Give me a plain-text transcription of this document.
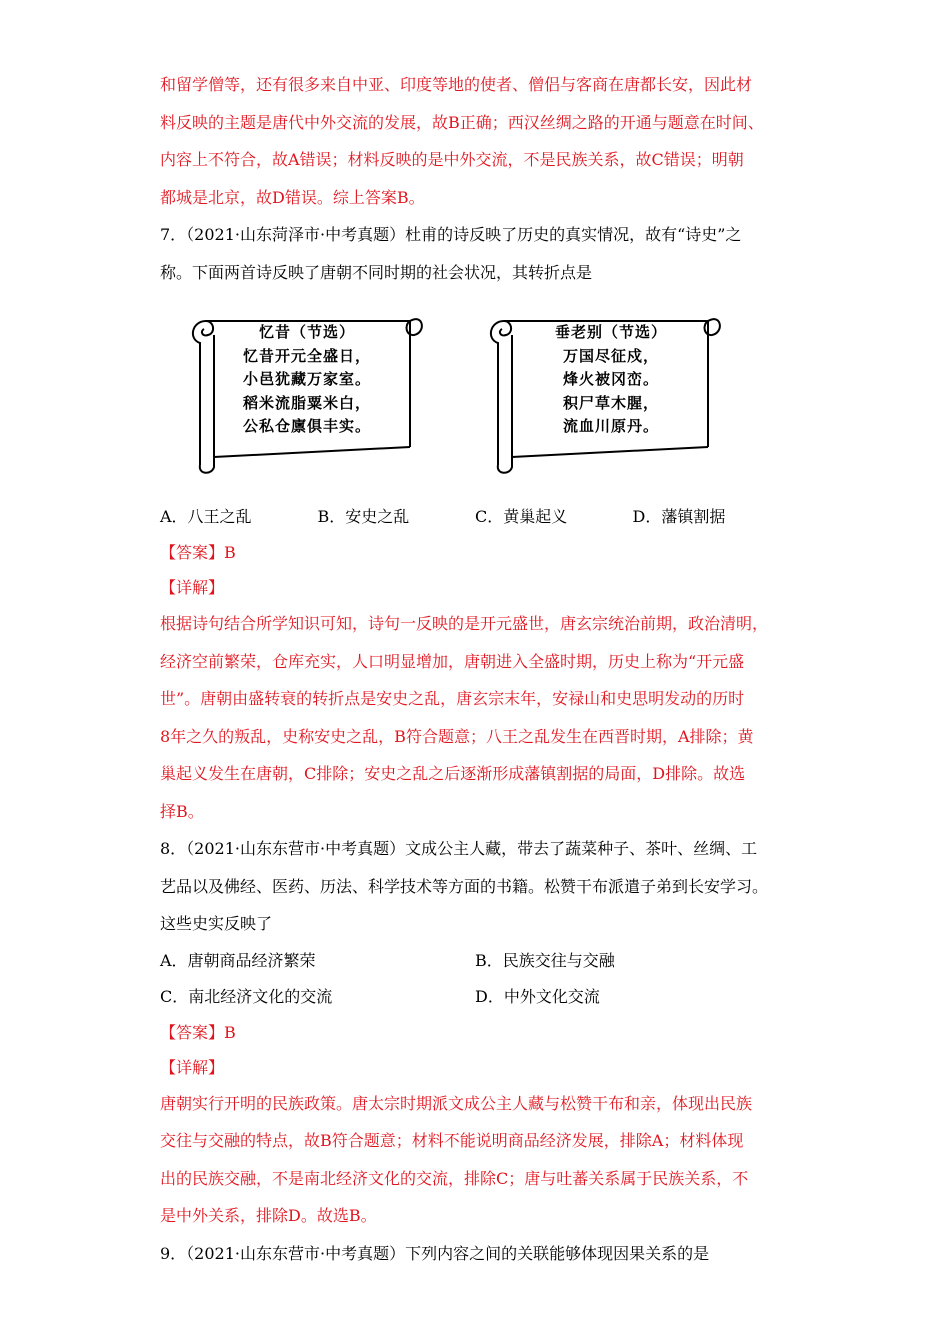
和留学僧等，还有很多来自中亚、印度等地的使者、僧侣与客商在唐都长安，因此材

料反映的主题是唐代中外交流的发展，故B正确；西汉丝绸之路的开通与题意在时间、

内容上不符合，故A错误；材料反映的是中外交流，不是民族关系，故C错误；明朝

都城是北京，故D错误。综上答案B。

7．（2021·山东菏泽市·中考真题）杜甫的诗反映了历史的真实情况，故有“诗史”之

称。下面两首诗反映了唐朝不同时期的社会状况，其转折点是

忆昔（节选）
忆昔开元全盛日，
小邑犹藏万家室。
稻米流脂粟米白，
公私仓廪俱丰实。
垂老别（节选）
万国尽征戍，
烽火被冈峦。
积尸草木腥，
流血川原丹。
A．八王之乱	B．安史之乱	C．黄巢起义	D．藩镇割据

【答案】B

【详解】

根据诗句结合所学知识可知，诗句一反映的是开元盛世，唐玄宗统治前期，政治清明，

经济空前繁荣，仓库充实，人口明显增加，唐朝进入全盛时期，历史上称为“开元盛

世”。唐朝由盛转衰的转折点是安史之乱，唐玄宗末年，安禄山和史思明发动的历时

8年之久的叛乱，史称安史之乱，B符合题意；八王之乱发生在西晋时期，A排除；黄

巢起义发生在唐朝，C排除；安史之乱之后逐渐形成藩镇割据的局面，D排除。故选

择B。

8．（2021·山东东营市·中考真题）文成公主人藏，带去了蔬菜种子、茶叶、丝绸、工

艺品以及佛经、医药、历法、科学技术等方面的书籍。松赞干布派遣子弟到长安学习。

这些史实反映了

A．唐朝商品经济繁荣	B．民族交往与交融
C．南北经济文化的交流	D．中外文化交流

【答案】B

【详解】

唐朝实行开明的民族政策。唐太宗时期派文成公主人藏与松赞干布和亲，体现出民族

交往与交融的特点，故B符合题意；材料不能说明商品经济发展，排除A；材料体现

出的民族交融，不是南北经济文化的交流，排除C；唐与吐蕃关系属于民族关系，不

是中外关系，排除D。故选B。

9．（2021·山东东营市·中考真题）下列内容之间的关联能够体现因果关系的是
